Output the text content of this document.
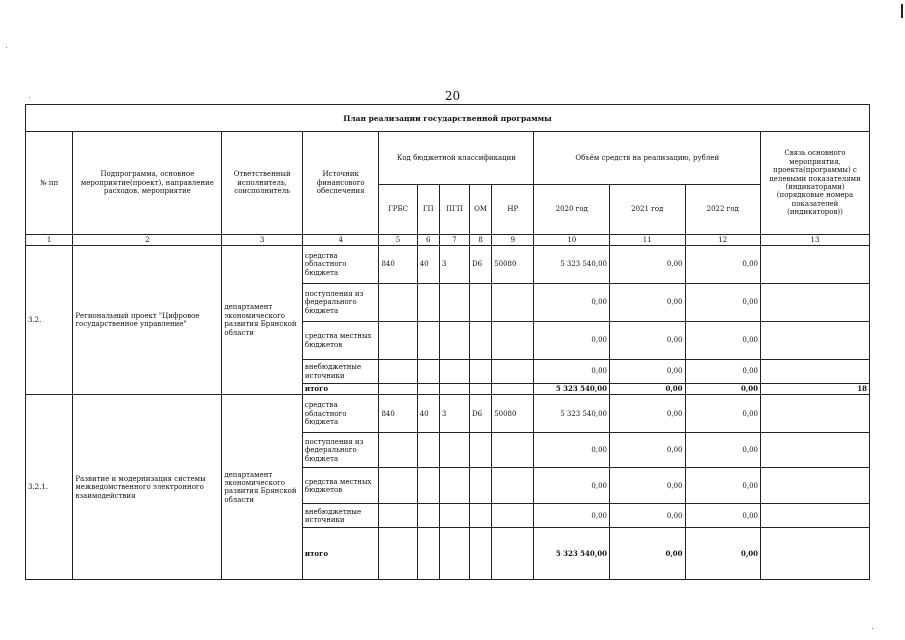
20
План реализации государственной программы												
№ пп	Подпрограмма, основное мероприятие(проект), направление расходов, мероприятие	Ответственный исполнитель, соисполнитель	Источник финансового обеспечения	Код бюджетной классификации					Объём средств на реализацию, рублей			Связь основного мероприятия, проекта(программы) с целевыми показателями (индикаторами) (порядковые номера показателей (индикаторов))
				ГРБС	ГП	ПГП	ОМ	НР	2020 год	2021 год	2022 год	
1	2	3	4	5	6	7	8	9	10	11	12	13
3.2.	Региональный проект "Цифровое государственное управление"	департамент экономического развития Брянской области	средства областного бюджета	840	40	3	D6	50080	5 323 540,00	0,00	0,00	
			поступления из федерального бюджета						0,00	0,00	0,00	
			средства местных бюджетов						0,00	0,00	0,00	
			внебюджетные источники						0,00	0,00	0,00	
			итого						5 323 540,00	0,00	0,00	18
3.2.1.	Развитие и модернизация системы межведомственного электронного взаимодействия	департамент экономического развития Брянской области	средства областного бюджета	840	40	3	D6	50080	5 323 540,00	0,00	0,00	
			поступления из федерального бюджета						0,00	0,00	0,00	
			средства местных бюджетов						0,00	0,00	0,00	
			внебюджетные источники						0,00	0,00	0,00	
			итого						5 323 540,00	0,00	0,00	
